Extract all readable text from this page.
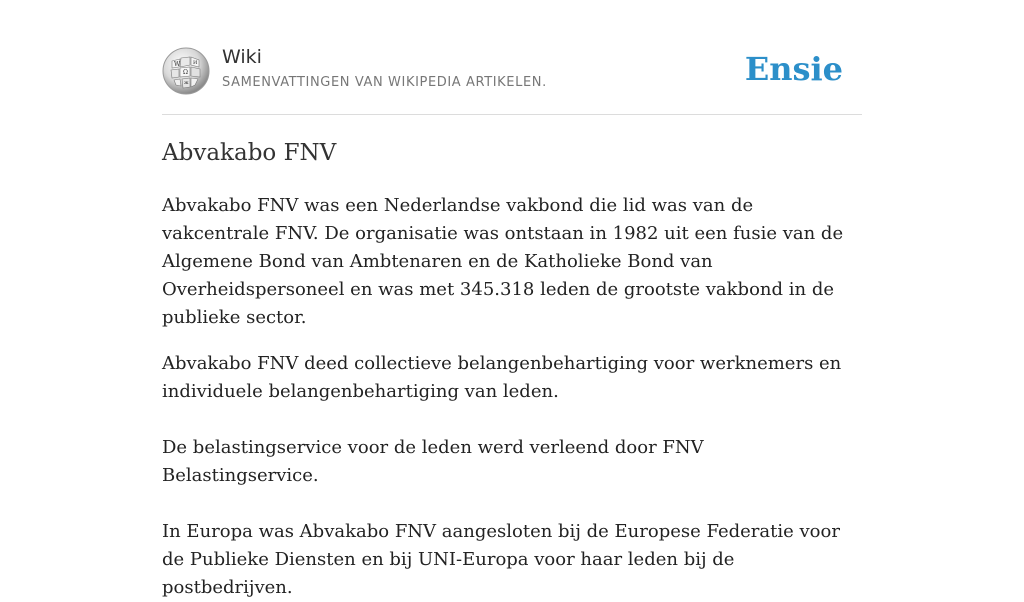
W
Ω
И
ж
Wiki
SAMENVATTINGEN VAN WIKIPEDIA ARTIKELEN.	Ensie
Abvakabo FNV

Abvakabo FNV was een Nederlandse vakbond die lid was van de vakcentrale FNV. De organisatie was ontstaan in 1982 uit een fusie van de Algemene Bond van Ambtenaren en de Katholieke Bond van Overheidspersoneel en was met 345.318 leden de grootste vakbond in de publieke sector.

Abvakabo FNV deed collectieve belangenbehartiging voor werknemers en individuele belangenbehartiging van leden.

De belastingservice voor de leden werd verleend door FNV Belastingservice.

In Europa was Abvakabo FNV aangesloten bij de Europese Federatie voor de Publieke Diensten en bij UNI-Europa voor haar leden bij de postbedrijven.
